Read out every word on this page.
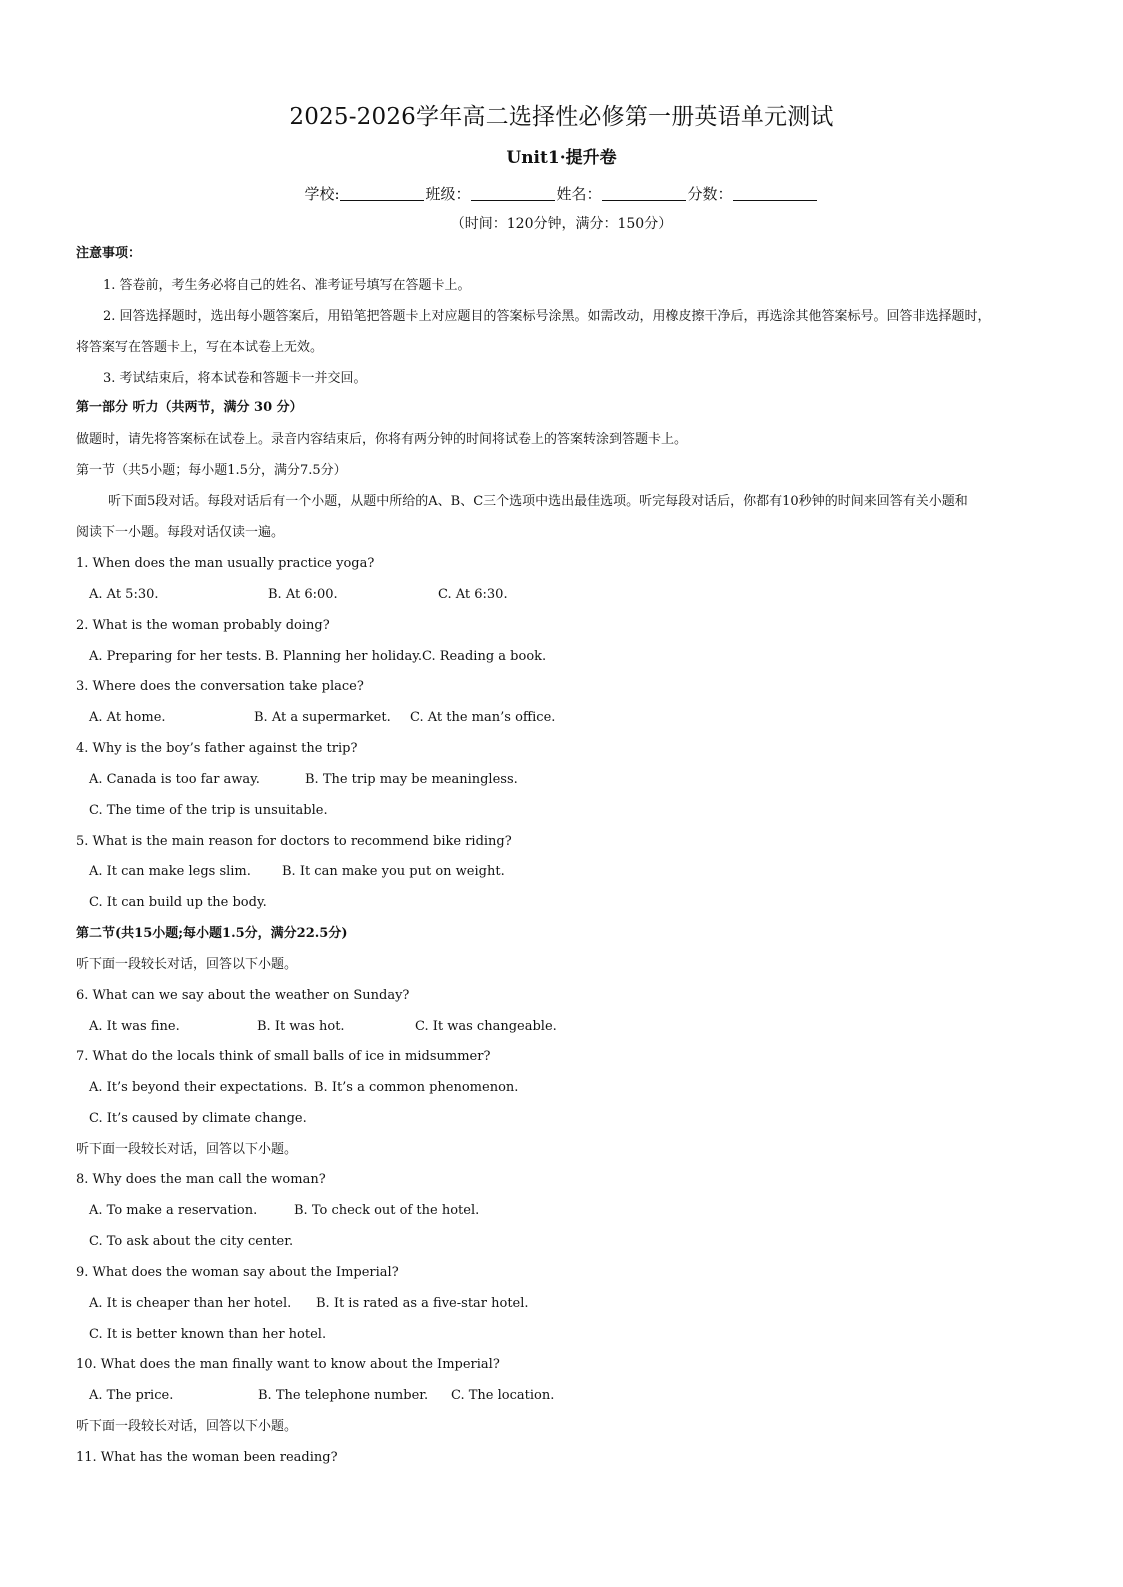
2025-2026学年高二选择性必修第一册英语单元测试
Unit1·提升卷
学校:	班级：	姓名：	分数：
（时间：120分钟，满分：150分）
注意事项：
1. 答卷前，考生务必将自己的姓名、准考证号填写在答题卡上。
2. 回答选择题时，选出每小题答案后，用铅笔把答题卡上对应题目的答案标号涂黑。如需改动，用橡皮擦干净后，再选涂其他答案标号。回答非选择题时，
将答案写在答题卡上，写在本试卷上无效。
3. 考试结束后，将本试卷和答题卡一并交回。
第一部分 听力（共两节，满分 30 分）
做题时，请先将答案标在试卷上。录音内容结束后，你将有两分钟的时间将试卷上的答案转涂到答题卡上。
第一节（共5小题；每小题1.5分，满分7.5分）
听下面5段对话。每段对话后有一个小题，从题中所给的A、B、C三个选项中选出最佳选项。听完每段对话后，你都有10秒钟的时间来回答有关小题和
阅读下一小题。每段对话仅读一遍。
1. When does the man usually practice yoga?
A. At 5:30.	B. At 6:00.	C. At 6:30.
2. What is the woman probably doing?
A. Preparing for her tests. B. Planning her holiday. C. Reading a book.
3. Where does the conversation take place?
A. At home.	B. At a supermarket. C. At the man’s office.
4. Why is the boy’s father against the trip?
A. Canada is too far away.	B. The trip may be meaningless.
C. The time of the trip is unsuitable.
5. What is the main reason for doctors to recommend bike riding?
A. It can make legs slim. B. It can make you put on weight.
C. It can build up the body.
第二节(共15小题;每小题1.5分，满分22.5分)
听下面一段较长对话，回答以下小题。
6. What can we say about the weather on Sunday?
A. It was fine.	B. It was hot.	C. It was changeable.
7. What do the locals think of small balls of ice in midsummer?
A. It’s beyond their expectations. B. It’s a common phenomenon.
C. It’s caused by climate change.
听下面一段较长对话，回答以下小题。
8. Why does the man call the woman?
A. To make a reservation.	B. To check out of the hotel.
C. To ask about the city center.
9. What does the woman say about the Imperial?
A. It is cheaper than her hotel. B. It is rated as a five-star hotel.
C. It is better known than her hotel.
10. What does the man finally want to know about the Imperial?
A. The price.	B. The telephone number. C. The location.
听下面一段较长对话，回答以下小题。
11. What has the woman been reading?
